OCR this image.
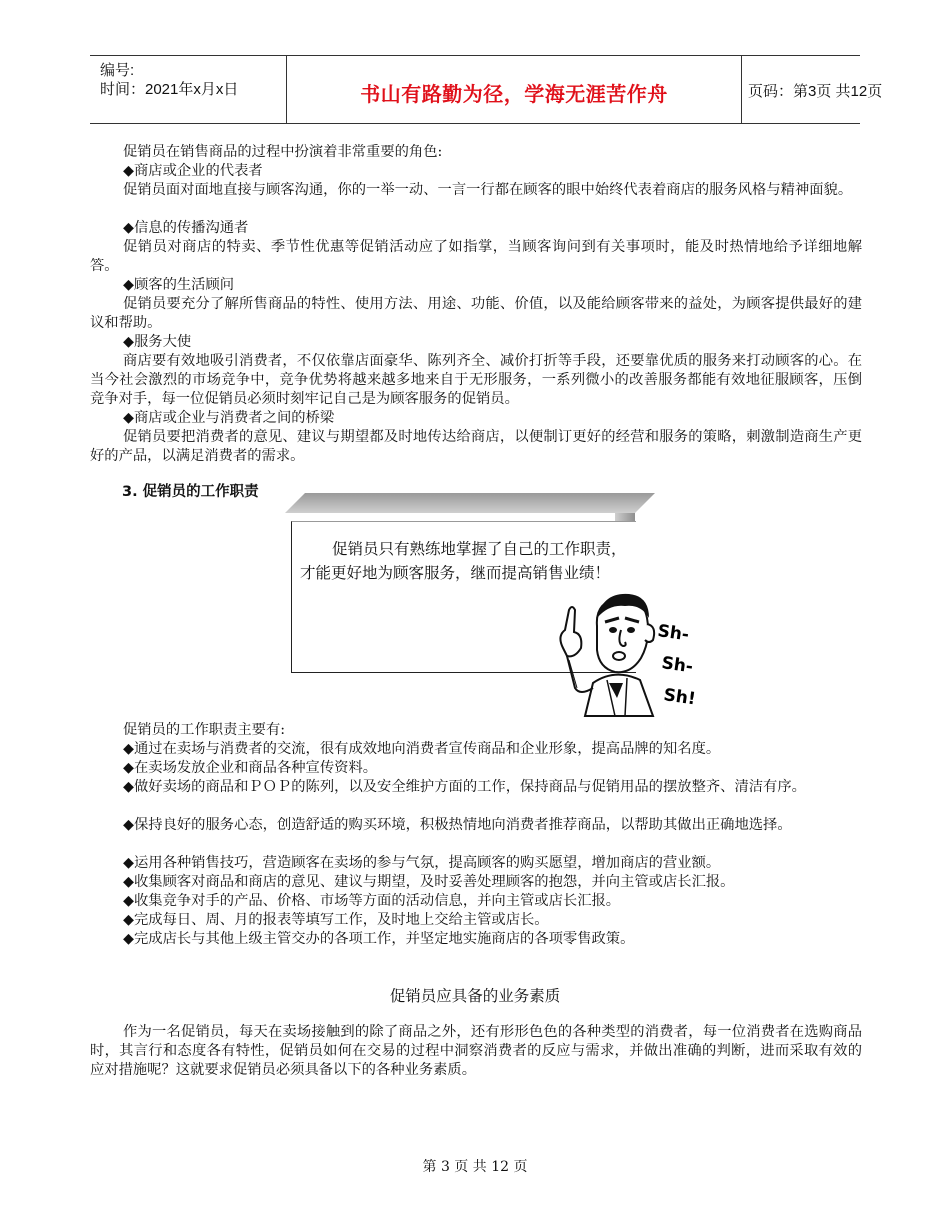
编号:
时间：2021年x月x日	书山有路勤为径，学海无涯苦作舟	页码：第3页 共12页
促销员在销售商品的过程中扮演着非常重要的角色:
◆商店或企业的代表者

促销员面对面地直接与顾客沟通，你的一举一动、一言一行都在顾客的眼中始终代表着商店的服务风格与精神面貌。

◆信息的传播沟通者

促销员对商店的特卖、季节性优惠等促销活动应了如指掌，当顾客询问到有关事项时，能及时热情地给予详细地解答。

◆顾客的生活顾问

促销员要充分了解所售商品的特性、使用方法、用途、功能、价值，以及能给顾客带来的益处，为顾客提供最好的建议和帮助。

◆服务大使

商店要有效地吸引消费者，不仅依靠店面豪华、陈列齐全、减价打折等手段，还要靠优质的服务来打动顾客的心。在当今社会激烈的市场竞争中，竞争优势将越来越多地来自于无形服务，一系列微小的改善服务都能有效地征服顾客，压倒竞争对手，每一位促销员必须时刻牢记自己是为顾客服务的促销员。

◆商店或企业与消费者之间的桥梁

促销员要把消费者的意见、建议与期望都及时地传达给商店，以便制订更好的经营和服务的策略，刺激制造商生产更好的产品，以满足消费者的需求。

3. 促销员的工作职责
促销员只有熟练地掌握了自己的工作职责，才能更好地为顾客服务，继而提高销售业绩！
Sh-
Sh-
Sh!
促销员的工作职责主要有:

◆通过在卖场与消费者的交流，很有成效地向消费者宣传商品和企业形象，提高品牌的知名度。

◆在卖场发放企业和商品各种宣传资料。

◆做好卖场的商品和ＰＯＰ的陈列，以及安全维护方面的工作，保持商品与促销用品的摆放整齐、清洁有序。

◆保持良好的服务心态，创造舒适的购买环境，积极热情地向消费者推荐商品，以帮助其做出正确地选择。

◆运用各种销售技巧，营造顾客在卖场的参与气氛，提高顾客的购买愿望，增加商店的营业额。

◆收集顾客对商品和商店的意见、建议与期望，及时妥善处理顾客的抱怨，并向主管或店长汇报。

◆收集竞争对手的产品、价格、市场等方面的活动信息，并向主管或店长汇报。

◆完成每日、周、月的报表等填写工作，及时地上交给主管或店长。

◆完成店长与其他上级主管交办的各项工作，并坚定地实施商店的各项零售政策。

促销员应具备的业务素质

作为一名促销员，每天在卖场接触到的除了商品之外，还有形形色色的各种类型的消费者，每一位消费者在选购商品时，其言行和态度各有特性，促销员如何在交易的过程中洞察消费者的反应与需求，并做出准确的判断，进而采取有效的应对措施呢？这就要求促销员必须具备以下的各种业务素质。

第 3 页 共 12 页
